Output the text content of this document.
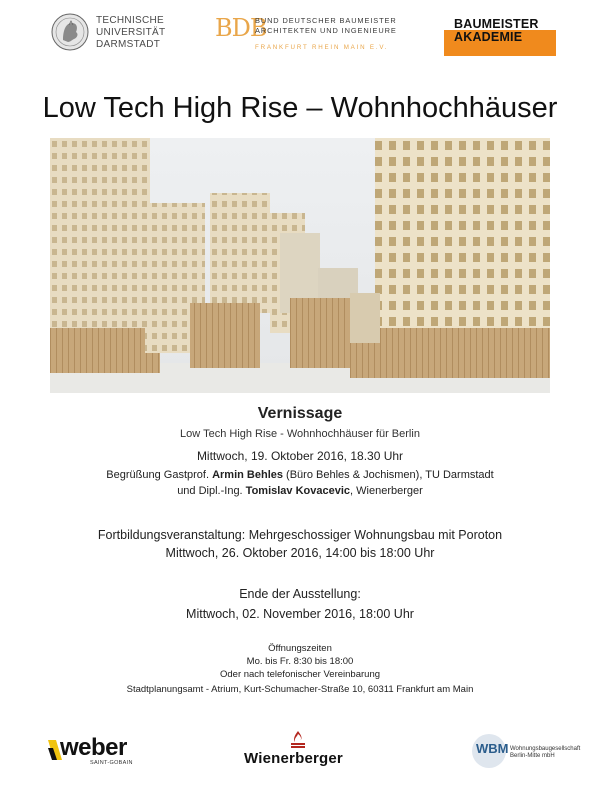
TECHNISCHE
UNIVERSITÄT
DARMSTADT
BDB
BUND DEUTSCHER BAUMEISTER
ARCHITEKTEN UND INGENIEURE
FRANKFURT RHEIN MAIN E.V.
BAUMEISTER
AKADEMIE
Low Tech High Rise – Wohnhochhäuser
Vernissage
Low Tech High Rise - Wohnhochhäuser für Berlin
Mittwoch, 19. Oktober 2016, 18.30 Uhr
Begrüßung Gastprof. Armin Behles (Büro Behles & Jochismen), TU Darmstadt
und Dipl.-Ing. Tomislav Kovacevic, Wienerberger
Fortbildungsveranstaltung: Mehrgeschossiger Wohnungsbau mit Poroton
Mittwoch, 26. Oktober 2016, 14:00 bis 18:00 Uhr
Ende der Ausstellung:
Mittwoch, 02. November 2016, 18:00 Uhr
Öffnungszeiten
Mo. bis Fr. 8:30 bis 18:00
Oder nach telefonischer Vereinbarung
Stadtplanungsamt - Atrium, Kurt-Schumacher-Straße 10, 60311 Frankfurt am Main
weber
SAINT-GOBAIN	Wienerberger
WBM Wohnungsbaugesellschaft
Berlin-Mitte mbH
